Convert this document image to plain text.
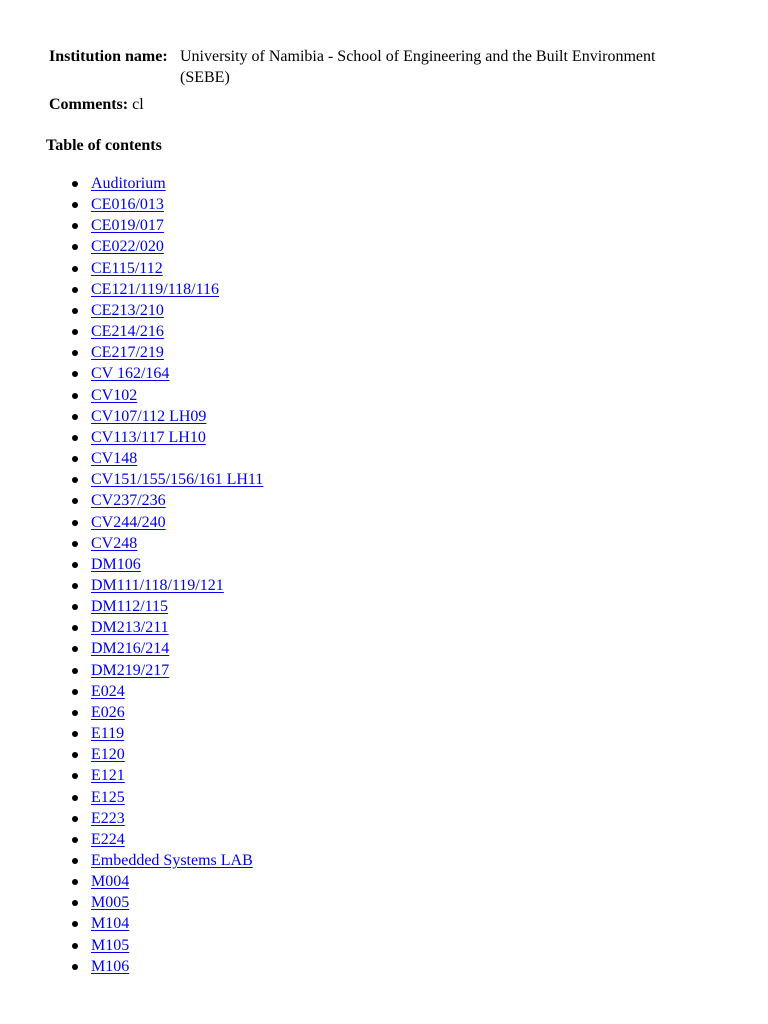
Institution name:	University of Namibia - School of Engineering and the Built Environment (SEBE)
Comments: cl
Table of contents
Auditorium
CE016/013
CE019/017
CE022/020
CE115/112
CE121/119/118/116
CE213/210
CE214/216
CE217/219
CV 162/164
CV102
CV107/112 LH09
CV113/117 LH10
CV148
CV151/155/156/161 LH11
CV237/236
CV244/240
CV248
DM106
DM111/118/119/121
DM112/115
DM213/211
DM216/214
DM219/217
E024
E026
E119
E120
E121
E125
E223
E224
Embedded Systems LAB
M004
M005
M104
M105
M106
